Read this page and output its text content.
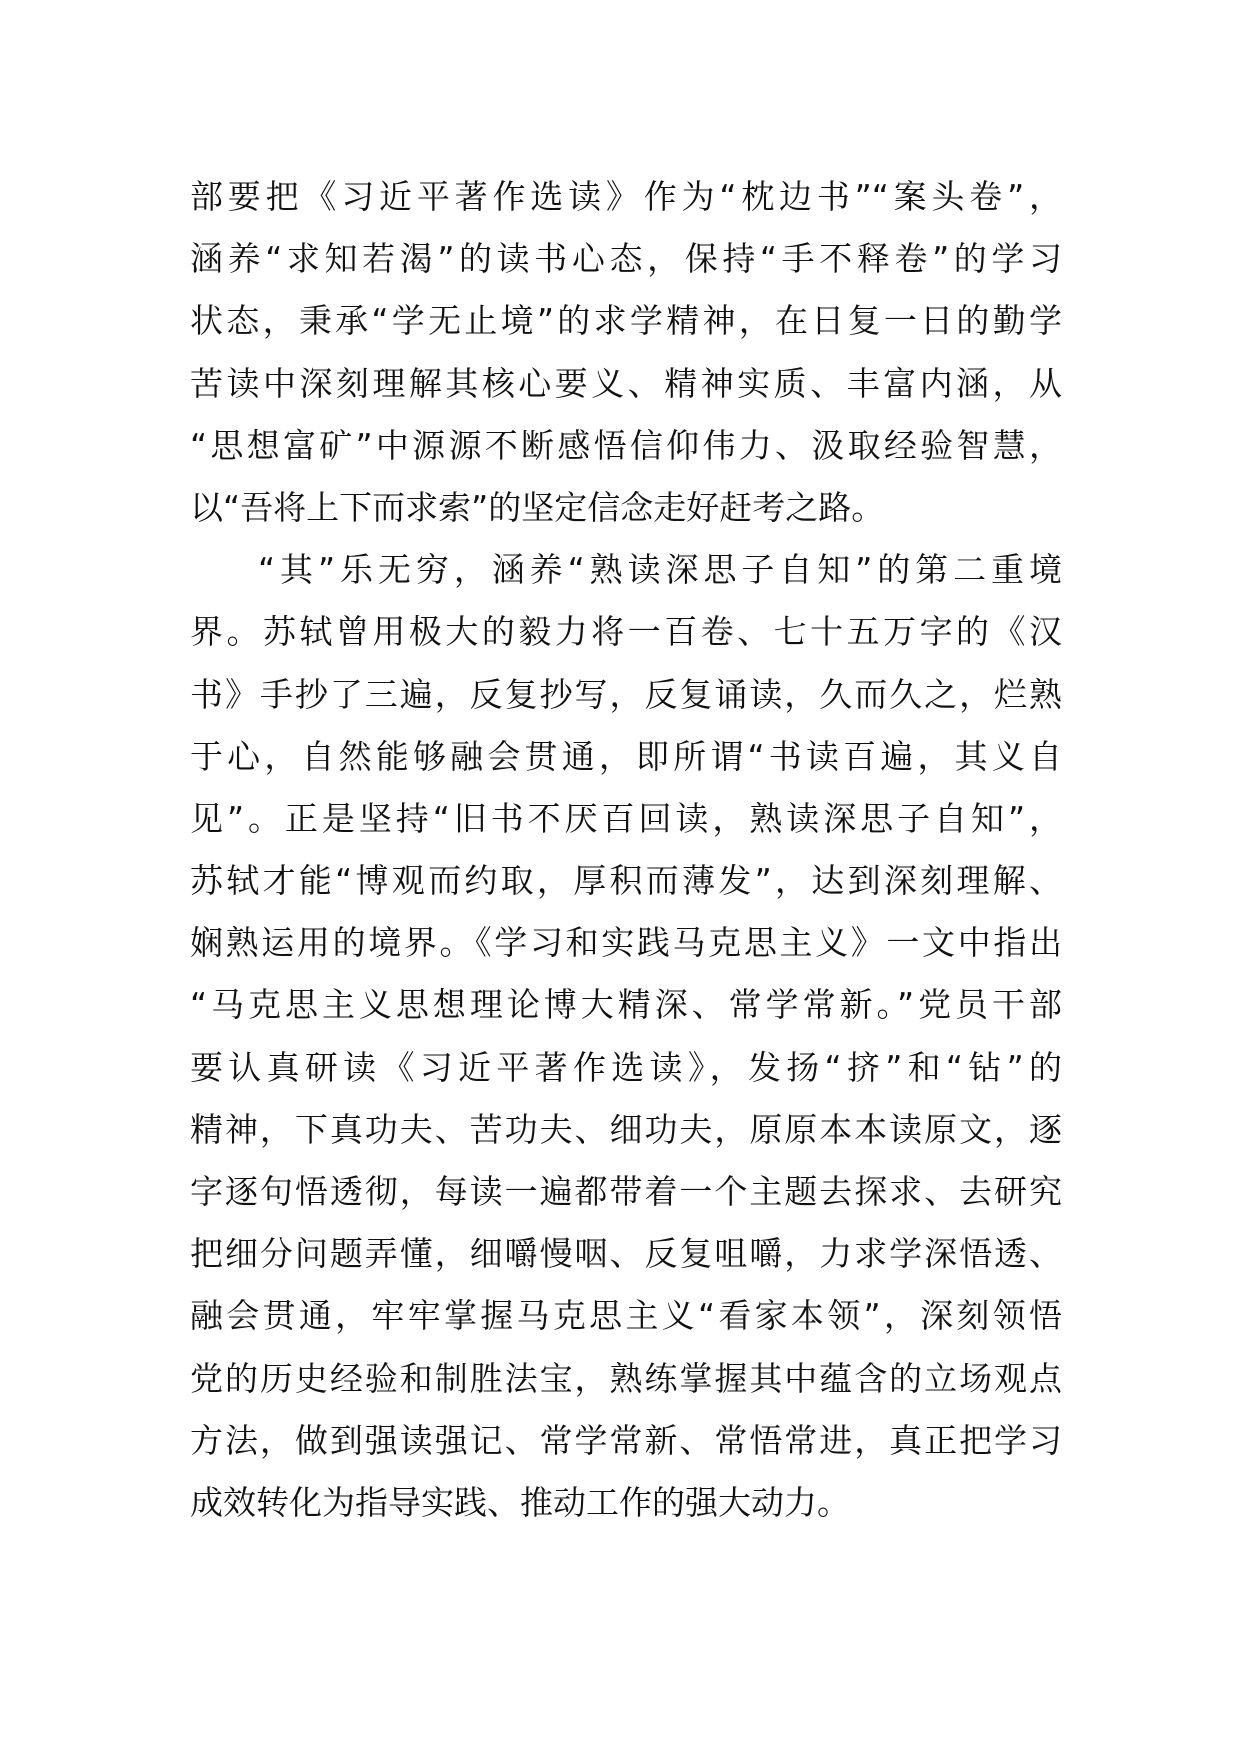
部要把《习近平著作选读》作为“枕边书”“案头卷”，
涵养“求知若渴”的读书心态，保持“手不释卷”的学习
状态，秉承“学无止境”的求学精神，在日复一日的勤学
苦读中深刻理解其核心要义、精神实质、丰富内涵，从
“思想富矿”中源源不断感悟信仰伟力、汲取经验智慧，
以“吾将上下而求索”的坚定信念走好赶考之路。
“其”乐无穷，涵养“熟读深思子自知”的第二重境
界。苏轼曾用极大的毅力将一百卷、七十五万字的《汉
书》手抄了三遍，反复抄写，反复诵读，久而久之，烂熟
于心，自然能够融会贯通，即所谓“书读百遍，其义自
见”。正是坚持“旧书不厌百回读，熟读深思子自知”，
苏轼才能“博观而约取，厚积而薄发”，达到深刻理解、
娴熟运用的境界。《学习和实践马克思主义》一文中指出
“马克思主义思想理论博大精深、常学常新。”党员干部
要认真研读《习近平著作选读》，发扬“挤”和“钻”的
精神，下真功夫、苦功夫、细功夫，原原本本读原文，逐
字逐句悟透彻，每读一遍都带着一个主题去探求、去研究
把细分问题弄懂，细嚼慢咽、反复咀嚼，力求学深悟透、
融会贯通，牢牢掌握马克思主义“看家本领”，深刻领悟
党的历史经验和制胜法宝，熟练掌握其中蕴含的立场观点
方法，做到强读强记、常学常新、常悟常进，真正把学习
成效转化为指导实践、推动工作的强大动力。
